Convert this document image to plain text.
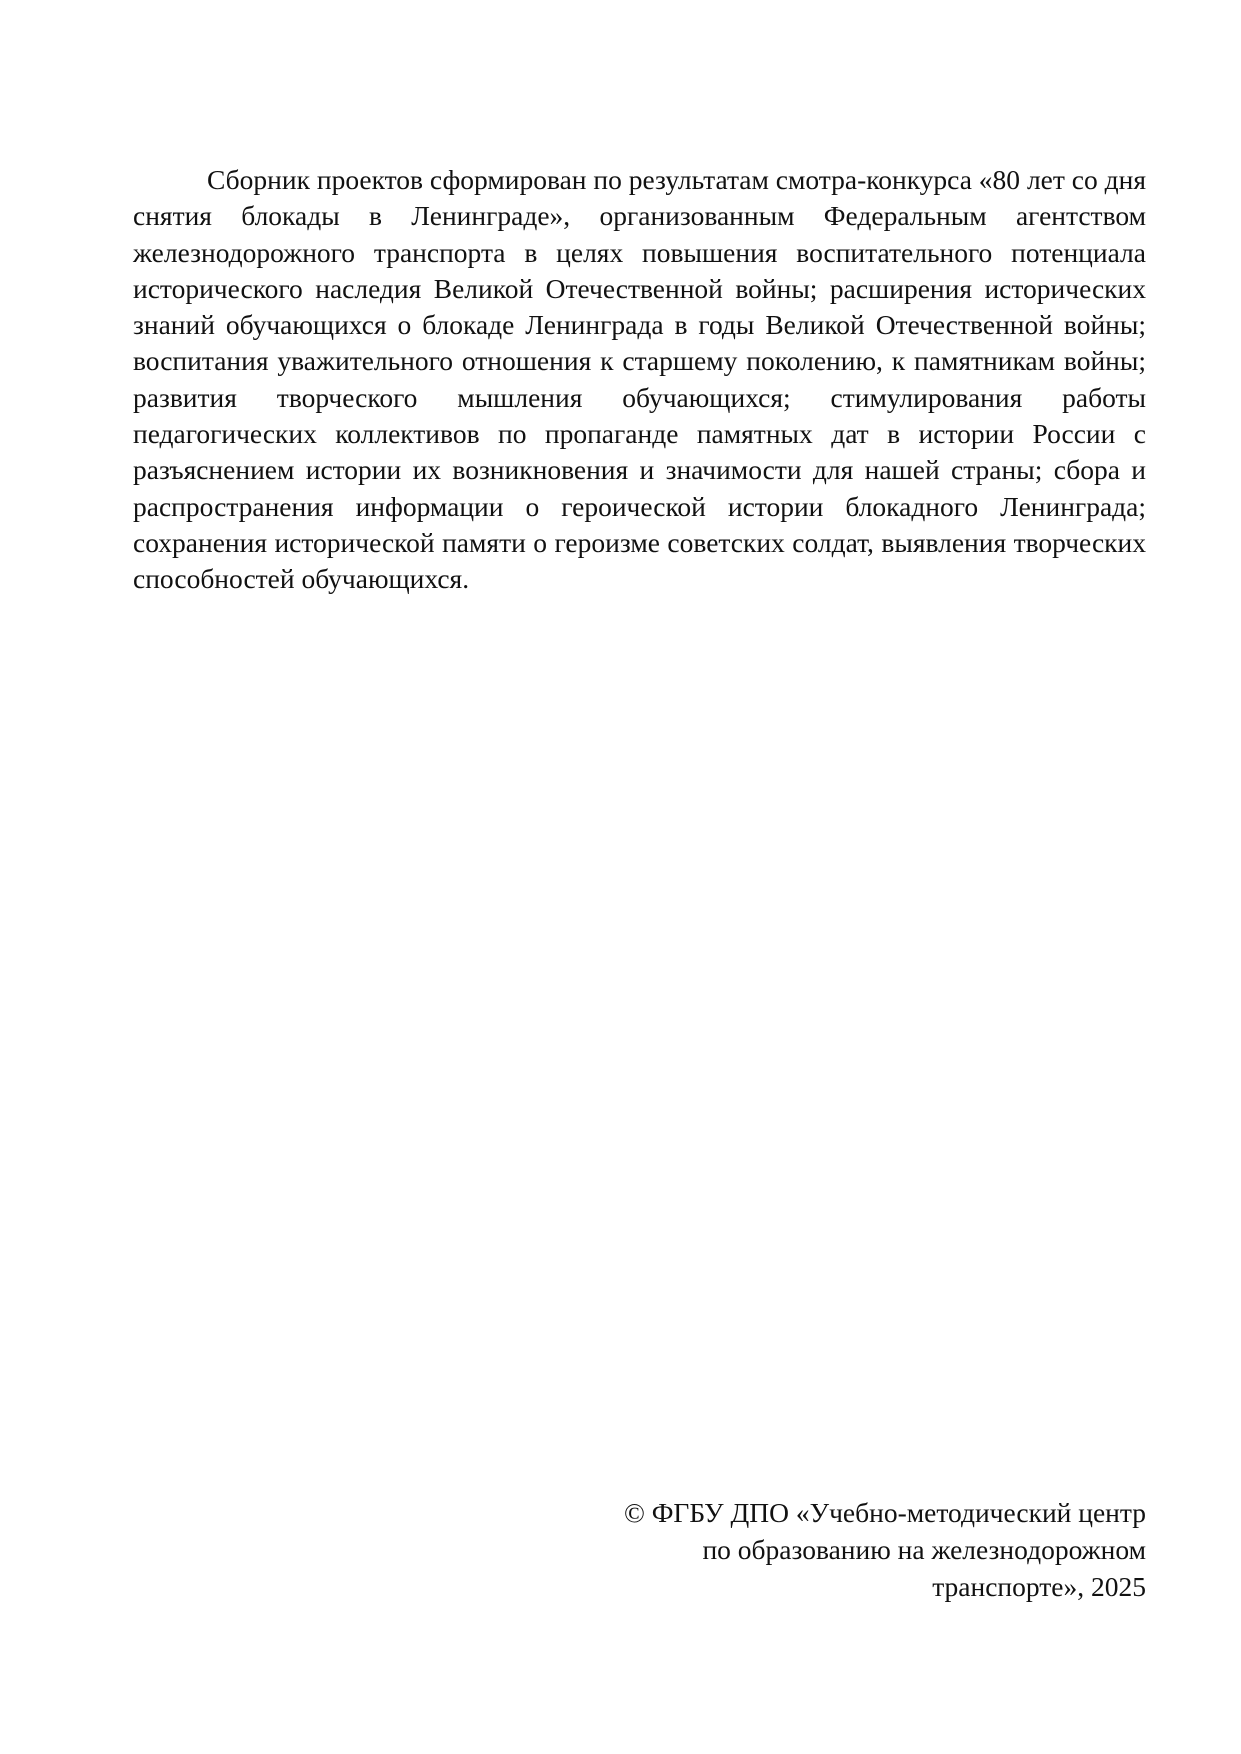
Сборник проектов сформирован по результатам смотра-конкурса «80 лет со дня снятия блокады в Ленинграде», организованным Федеральным агентством железнодорожного транспорта в целях повышения воспитательного потенциала исторического наследия Великой Отечественной войны; расширения исторических знаний обучающихся о блокаде Ленинграда в годы Великой Отечественной войны; воспитания уважительного отношения к старшему поколению, к памятникам войны; развития творческого мышления обучающихся; стимулирования работы педагогических коллективов по пропаганде памятных дат в истории России с разъяснением истории их возникновения и значимости для нашей страны; сбора и распространения информации о героической истории блокадного Ленинграда; сохранения исторической памяти о героизме советских солдат, выявления творческих способностей обучающихся.

© ФГБУ ДПО «Учебно-методический центр
по образованию на железнодорожном
транспорте», 2025
